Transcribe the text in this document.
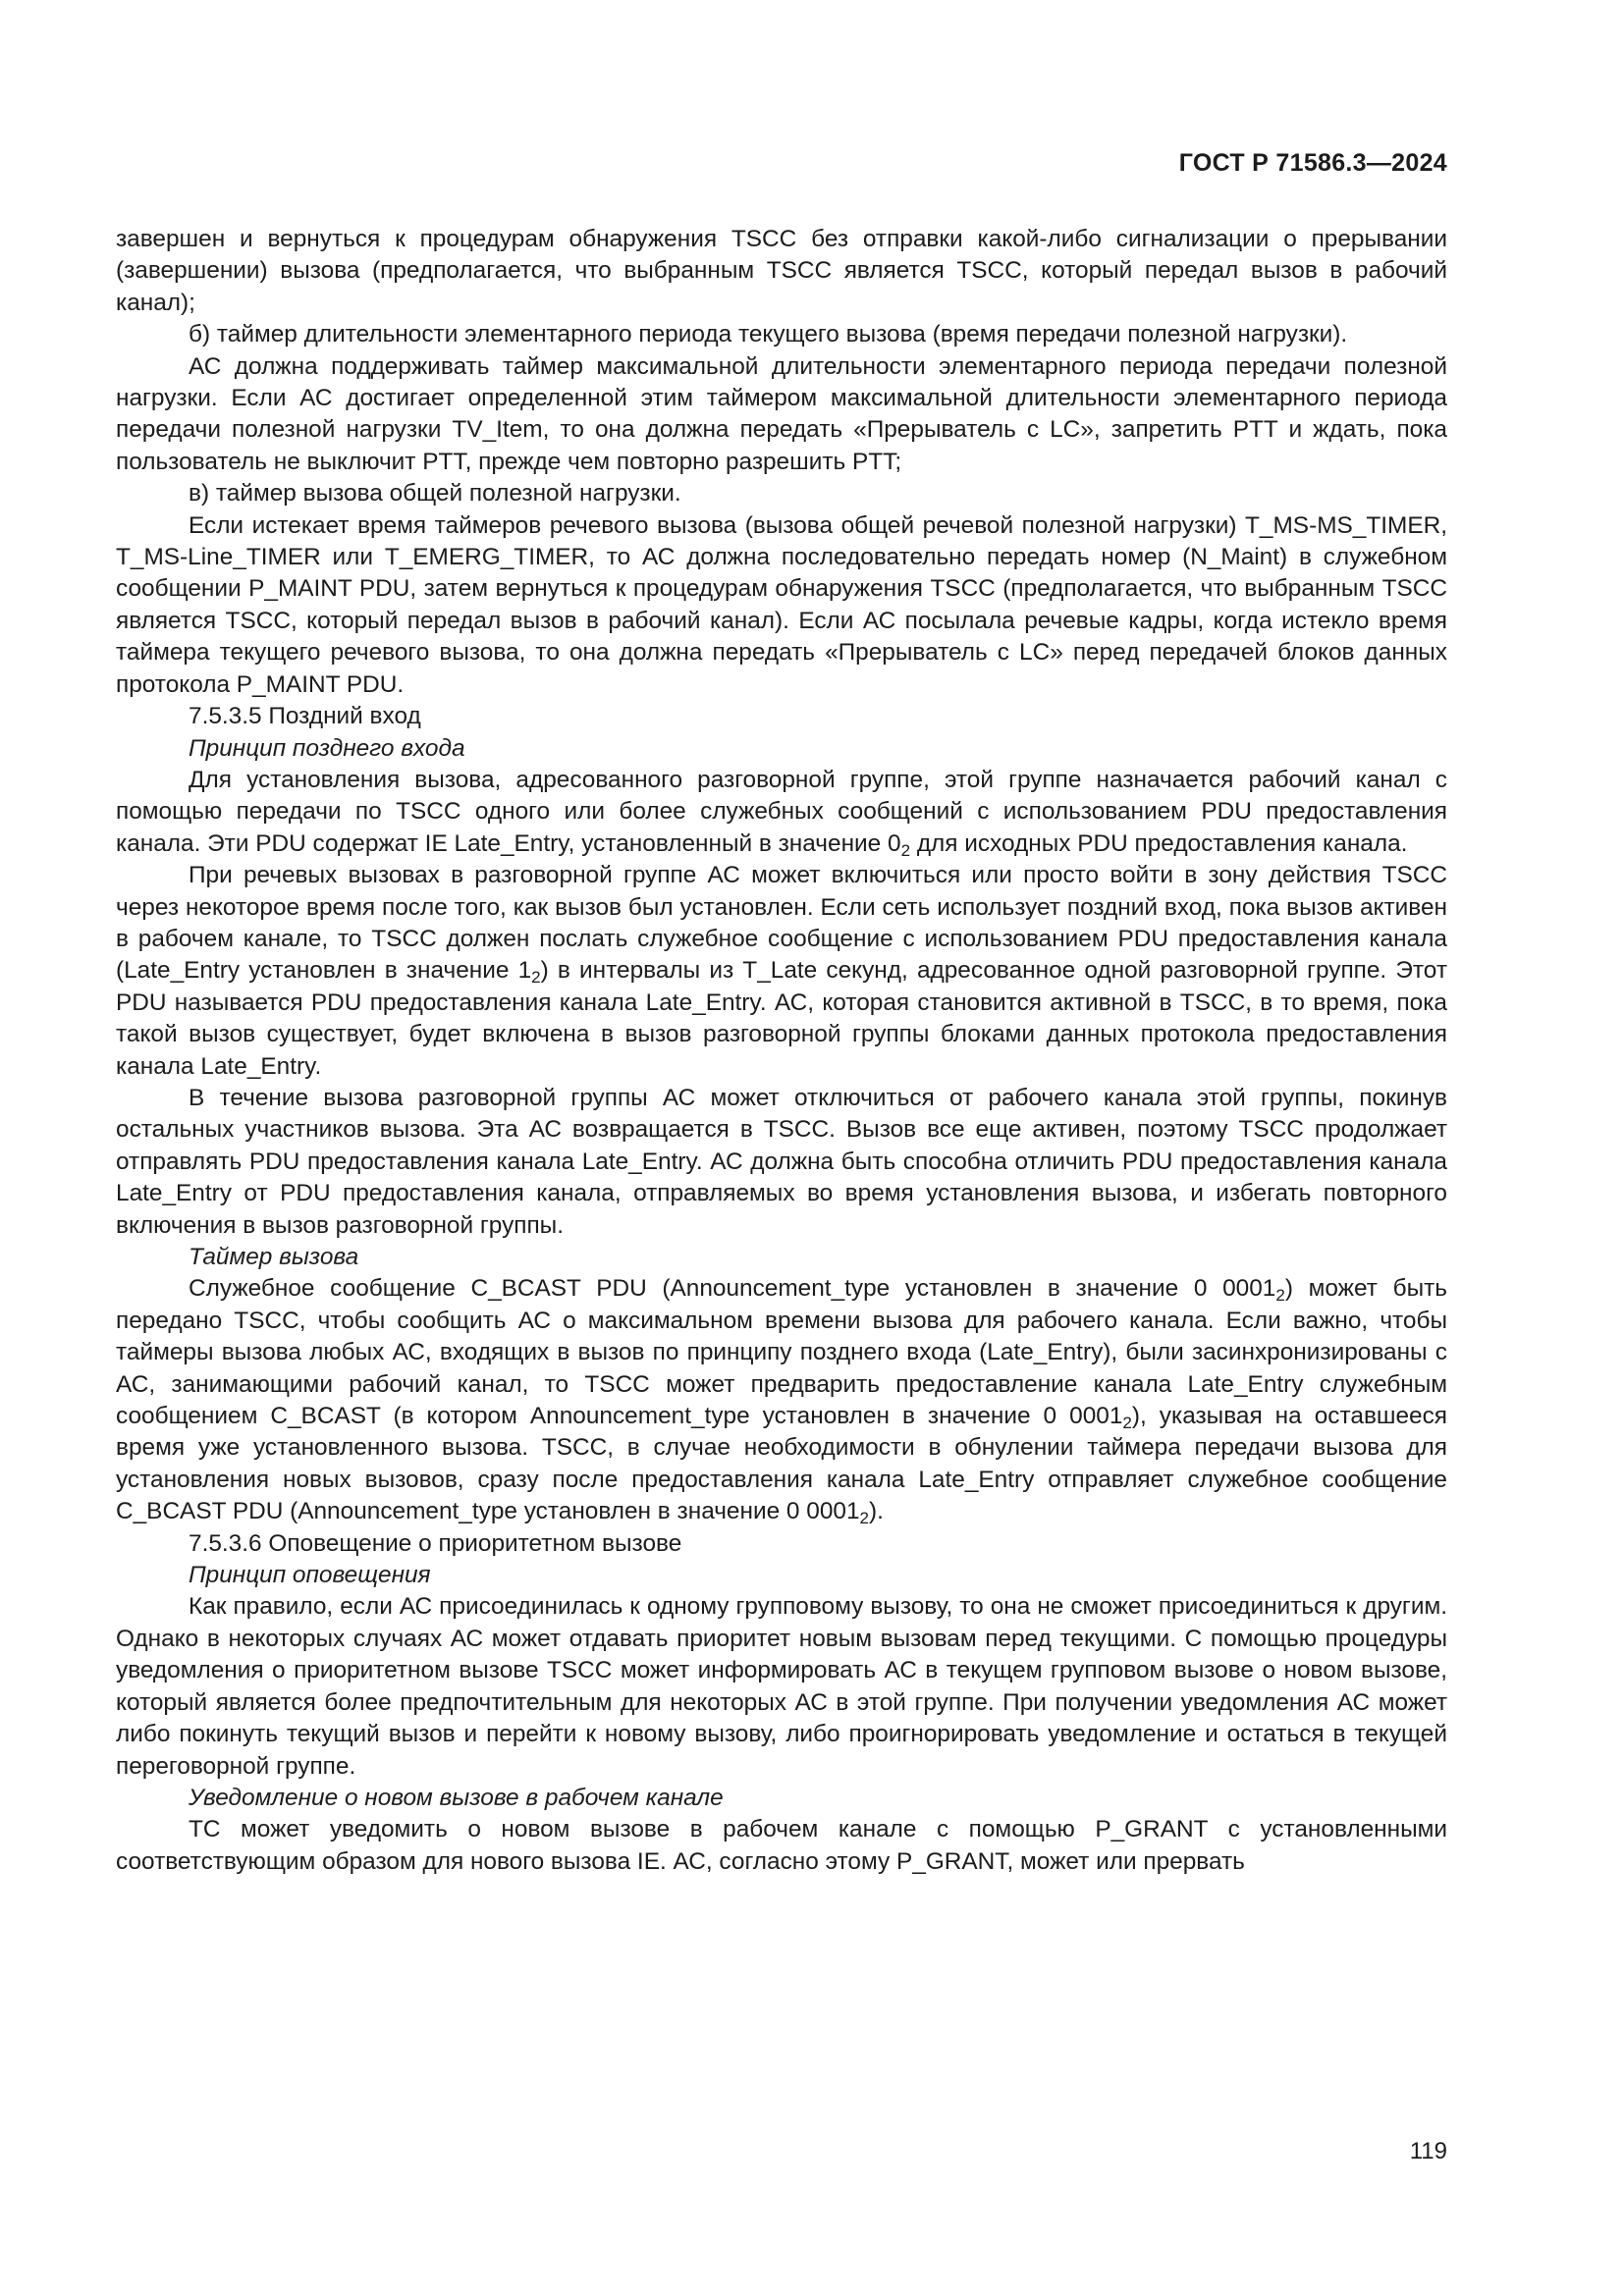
ГОСТ Р 71586.3—2024

завершен и вернуться к процедурам обнаружения TSCC без отправки какой-либо сигнализации о прерывании (завершении) вызова (предполагается, что выбранным TSCC является TSCC, который передал вызов в рабочий канал);

б) таймер длительности элементарного периода текущего вызова (время передачи полезной нагрузки).

АС должна поддерживать таймер максимальной длительности элементарного периода передачи полезной нагрузки. Если АС достигает определенной этим таймером максимальной длительности элементарного периода передачи полезной нагрузки TV_Item, то она должна передать «Прерыватель с LC», запретить PTT и ждать, пока пользователь не выключит PTT, прежде чем повторно разрешить PTT;

в) таймер вызова общей полезной нагрузки.

Если истекает время таймеров речевого вызова (вызова общей речевой полезной нагрузки) T_MS-MS_TIMER, T_MS-Line_TIMER или T_EMERG_TIMER, то АС должна последовательно передать номер (N_Maint) в служебном сообщении P_MAINT PDU, затем вернуться к процедурам обнаружения TSCC (предполагается, что выбранным TSCC является TSCC, который передал вызов в рабочий канал). Если АС посылала речевые кадры, когда истекло время таймера текущего речевого вызова, то она должна передать «Прерыватель с LC» перед передачей блоков данных протокола P_MAINT PDU.

7.5.3.5 Поздний вход

Принцип позднего входа

Для установления вызова, адресованного разговорной группе, этой группе назначается рабочий канал с помощью передачи по TSCC одного или более служебных сообщений с использованием PDU предоставления канала. Эти PDU содержат IE Late_Entry, установленный в значение $0_2$ для исходных PDU предоставления канала.

При речевых вызовах в разговорной группе АС может включиться или просто войти в зону действия TSCC через некоторое время после того, как вызов был установлен. Если сеть использует поздний вход, пока вызов активен в рабочем канале, то TSCC должен послать служебное сообщение с использованием PDU предоставления канала (Late_Entry установлен в значение $1_2$) в интервалы из T_Late секунд, адресованное одной разговорной группе. Этот PDU называется PDU предоставления канала Late_Entry. АС, которая становится активной в TSCC, в то время, пока такой вызов существует, будет включена в вызов разговорной группы блоками данных протокола предоставления канала Late_Entry.

В течение вызова разговорной группы АС может отключиться от рабочего канала этой группы, покинув остальных участников вызова. Эта АС возвращается в TSCC. Вызов все еще активен, поэтому TSCC продолжает отправлять PDU предоставления канала Late_Entry. АС должна быть способна отличить PDU предоставления канала Late_Entry от PDU предоставления канала, отправляемых во время установления вызова, и избегать повторного включения в вызов разговорной группы.

Таймер вызова

Служебное сообщение C_BCAST PDU (Announcement_type установлен в значение 0 $0001_2$) может быть передано TSCC, чтобы сообщить АС о максимальном времени вызова для рабочего канала. Если важно, чтобы таймеры вызова любых АС, входящих в вызов по принципу позднего входа (Late_Entry), были засинхронизированы с АС, занимающими рабочий канал, то TSCC может предварить предоставление канала Late_Entry служебным сообщением C_BCAST (в котором Announcement_type установлен в значение 0 $0001_2$), указывая на оставшееся время уже установленного вызова. TSCC, в случае необходимости в обнулении таймера передачи вызова для установления новых вызовов, сразу после предоставления канала Late_Entry отправляет служебное сообщение C_BCAST PDU (Announcement_type установлен в значение 0 $0001_2$).

7.5.3.6 Оповещение о приоритетном вызове

Принцип оповещения

Как правило, если АС присоединилась к одному групповому вызову, то она не сможет присоединиться к другим. Однако в некоторых случаях АС может отдавать приоритет новым вызовам перед текущими. С помощью процедуры уведомления о приоритетном вызове TSCC может информировать АС в текущем групповом вызове о новом вызове, который является более предпочтительным для некоторых АС в этой группе. При получении уведомления АС может либо покинуть текущий вызов и перейти к новому вызову, либо проигнорировать уведомление и остаться в текущей переговорной группе.

Уведомление о новом вызове в рабочем канале

ТС может уведомить о новом вызове в рабочем канале с помощью P_GRANT с установленными соответствующим образом для нового вызова IE. АС, согласно этому P_GRANT, может или прервать

119
